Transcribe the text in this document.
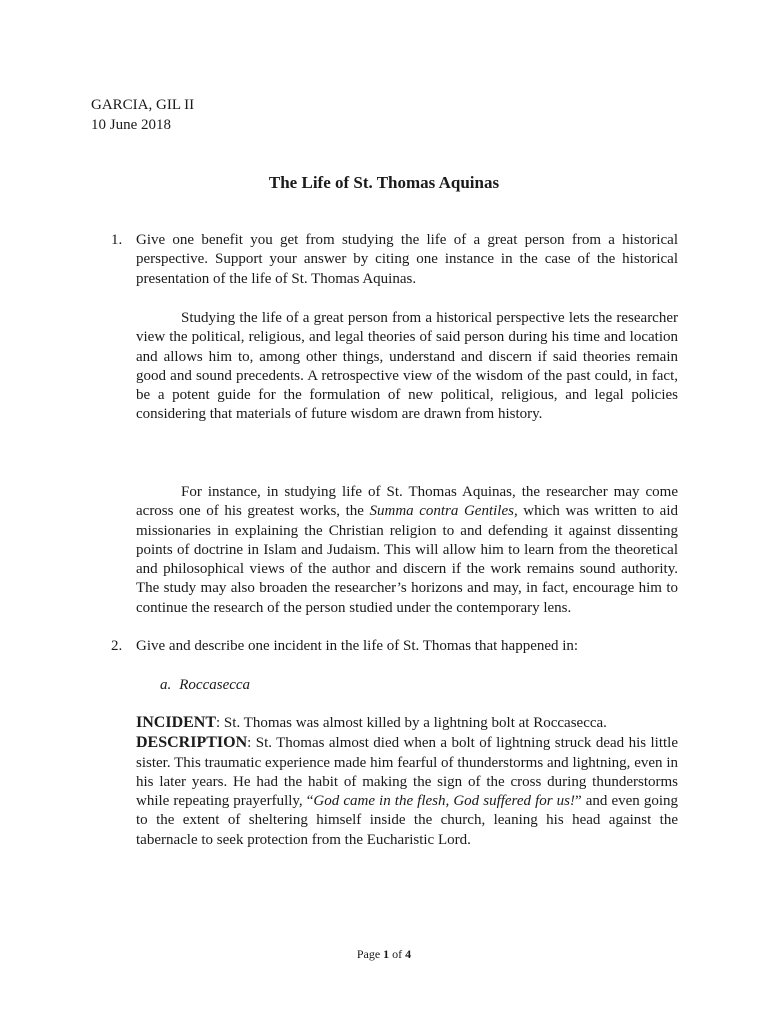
GARCIA, GIL II
10 June 2018
The Life of St. Thomas Aquinas
1. Give one benefit you get from studying the life of a great person from a historical perspective. Support your answer by citing one instance in the case of the historical presentation of the life of St. Thomas Aquinas.

Studying the life of a great person from a historical perspective lets the researcher view the political, religious, and legal theories of said person during his time and location and allows him to, among other things, understand and discern if said theories remain good and sound precedents. A retrospective view of the wisdom of the past could, in fact, be a potent guide for the formulation of new political, religious, and legal policies considering that materials of future wisdom are drawn from history.

For instance, in studying life of St. Thomas Aquinas, the researcher may come across one of his greatest works, the Summa contra Gentiles, which was written to aid missionaries in explaining the Christian religion to and defending it against dissenting points of doctrine in Islam and Judaism. This will allow him to learn from the theoretical and philosophical views of the author and discern if the work remains sound authority. The study may also broaden the researcher’s horizons and may, in fact, encourage him to continue the research of the person studied under the contemporary lens.

2. Give and describe one incident in the life of St. Thomas that happened in:
a. Roccasecca
INCIDENT: St. Thomas was almost killed by a lightning bolt at Roccasecca.
DESCRIPTION: St. Thomas almost died when a bolt of lightning struck dead his little sister. This traumatic experience made him fearful of thunderstorms and lightning, even in his later years. He had the habit of making the sign of the cross during thunderstorms while repeating prayerfully, “God came in the flesh, God suffered for us!” and even going to the extent of sheltering himself inside the church, leaning his head against the tabernacle to seek protection from the Eucharistic Lord.
Page 1 of 4
